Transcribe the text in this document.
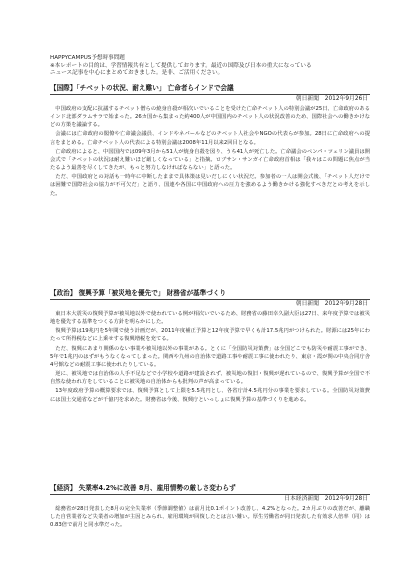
HAPPYCAMPUS予想時事問題
※本レポートの目的は、学習情報共有として提供しております。最近の国際及び日本の重大になっている
ニュース記事を中心にまとめておきました。是非、ご活用ください。
【国際】「チベットの状況、耐え難い」 亡命者らインドで会議
朝日新聞　2012年9月26日

中国政府の支配に抗議するチベット僧らの焼身自殺が相次いでいることを受けた亡命チベット人の特別会議が25日、亡命政府のあるインド北部ダラムサラで始まった。26カ国から集まった約400人が中国国内のチベット人の状況改善のため、国際社会への働きかけなどの方策を議論する。

会議には亡命政府の閣僚や亡命議会議員、インドやネパールなどのチベット人社会やNGOの代表らが参加。28日に亡命政府への提言をまとめる。亡命チベット人の代表による特別会議は2008年11月以来2回目となる。

亡命政府によると、中国国内では09年3月から51人が焼身自殺を図り、うち41人が死亡した。亡命議会のペンパ・ツェリン議員は開会式で「チベットの状況は耐え難いほど厳しくなっている」と指摘。ロブサン・サンガイ亡命政府首相は「我々はこの問題に焦点が当たるよう最善を尽くしてきたが、もっと努力しなければならない」と語った。

ただ、中国政府との対話も一時年に中断したままで具体策は見いだしにくい状況だ。参加者の一人は開会式後、「チベット人だけでは困難で国際社会の協力が不可欠だ」と語り、国連や各国に中国政府への圧力を強めるよう働きかける強化すべきだとの考えを示した。

【政治】 復興予算「被災地を優先で」 財務省が基準づくり
朝日新聞　2012年9月28日

東日本大震災の復興予算が被災地以外で使われている例が相次いでいるため、財務省の藤田幸久副大臣は27日、来年度予算では被災地を優先する基準をつくる方針を明らかにした。

復興予算は19兆円を5年間で使う計画だが、2011年度補正予算と12年度予算で早くも計17.5兆円がつけられた。財源には25年にわたって所得税などに上乗せする復興増税を充てる。

ただ、復興にあまり関係のない事業や被災地以外の事業がある。とくに「全国防災対策費」は全国どこでも防災や耐震工事ができ、5年で1兆円のはずがもうなくなってしまった。関西や九州の自治体で道路工事や耐震工事に使われたり、東京・霞が関の中央合同庁舎4号館などの耐震工事に使われたりしている。

逆に、被災地では自治体の人手不足などで小学校や道路が建設されず、被災地の復旧・復興が遅れているので、復興予算が全国で不自然な使われ方をしていることに被災地の自治体からも批判の声が高まっている。

13年度政府予算の概算要求では、復興予算として上限を5.5兆円とし、各省庁計4.5兆円分の事業を要求している。全国防災対策費には国土交通省などが千億円を求めた。財務省は今後、復興庁といっしょに復興予算の基準づくりを進める。

【経済】 失業率4.2%に改善 8月、雇用情勢の厳しさ変わらず
日本経済新聞　2012年9月28日

総務省が28日発表した8月の完全失業率（季節調整値）は前月比0.1ポイント改善し、4.2%となった。2カ月ぶりの改善だが、離職した自営業者など失業者の増加が主因とみられ、雇用環境が回復したとは言い難い。厚生労働省が同日発表した有効求人倍率（同）は0.83倍で前月と同水準だった。
